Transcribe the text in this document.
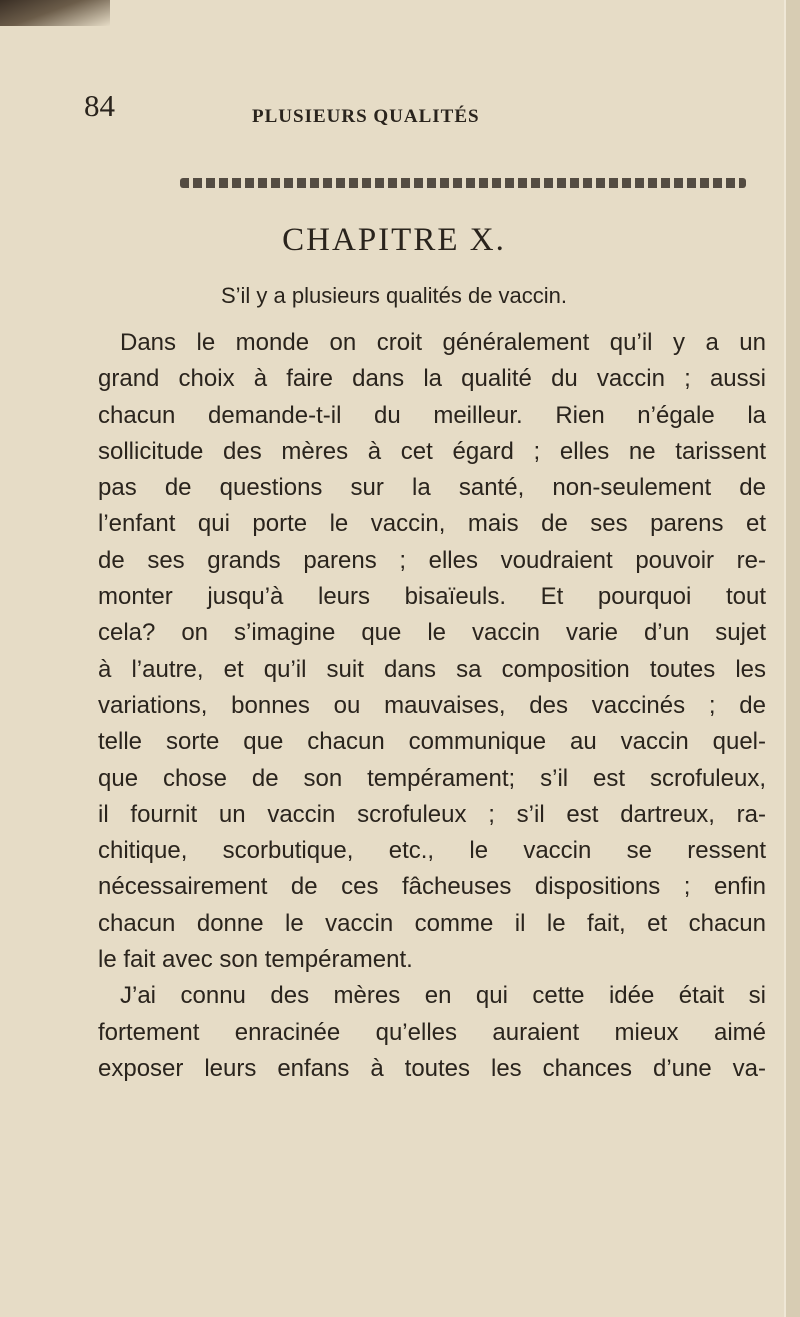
84	PLUSIEURS QUALITÉS
CHAPITRE X.
S’il y a plusieurs qualités de vaccin.
Dans le monde on croit généralement qu’il y a un
grand choix à faire dans la qualité du vaccin ; aussi
chacun demande-t-il du meilleur. Rien n’égale la
sollicitude des mères à cet égard ; elles ne tarissent
pas de questions sur la santé, non-seulement de
l’enfant qui porte le vaccin, mais de ses parens et
de ses grands parens ; elles voudraient pouvoir re-
monter jusqu’à leurs bisaïeuls. Et pourquoi tout
cela? on s’imagine que le vaccin varie d’un sujet
à l’autre, et qu’il suit dans sa composition toutes les
variations, bonnes ou mauvaises, des vaccinés ; de
telle sorte que chacun communique au vaccin quel-
que chose de son tempérament; s’il est scrofuleux,
il fournit un vaccin scrofuleux ; s’il est dartreux, ra-
chitique, scorbutique, etc., le vaccin se ressent
nécessairement de ces fâcheuses dispositions ; enfin
chacun donne le vaccin comme il le fait, et chacun
le fait avec son tempérament.
J’ai connu des mères en qui cette idée était si
fortement enracinée qu’elles auraient mieux aimé
exposer leurs enfans à toutes les chances d’une va-
